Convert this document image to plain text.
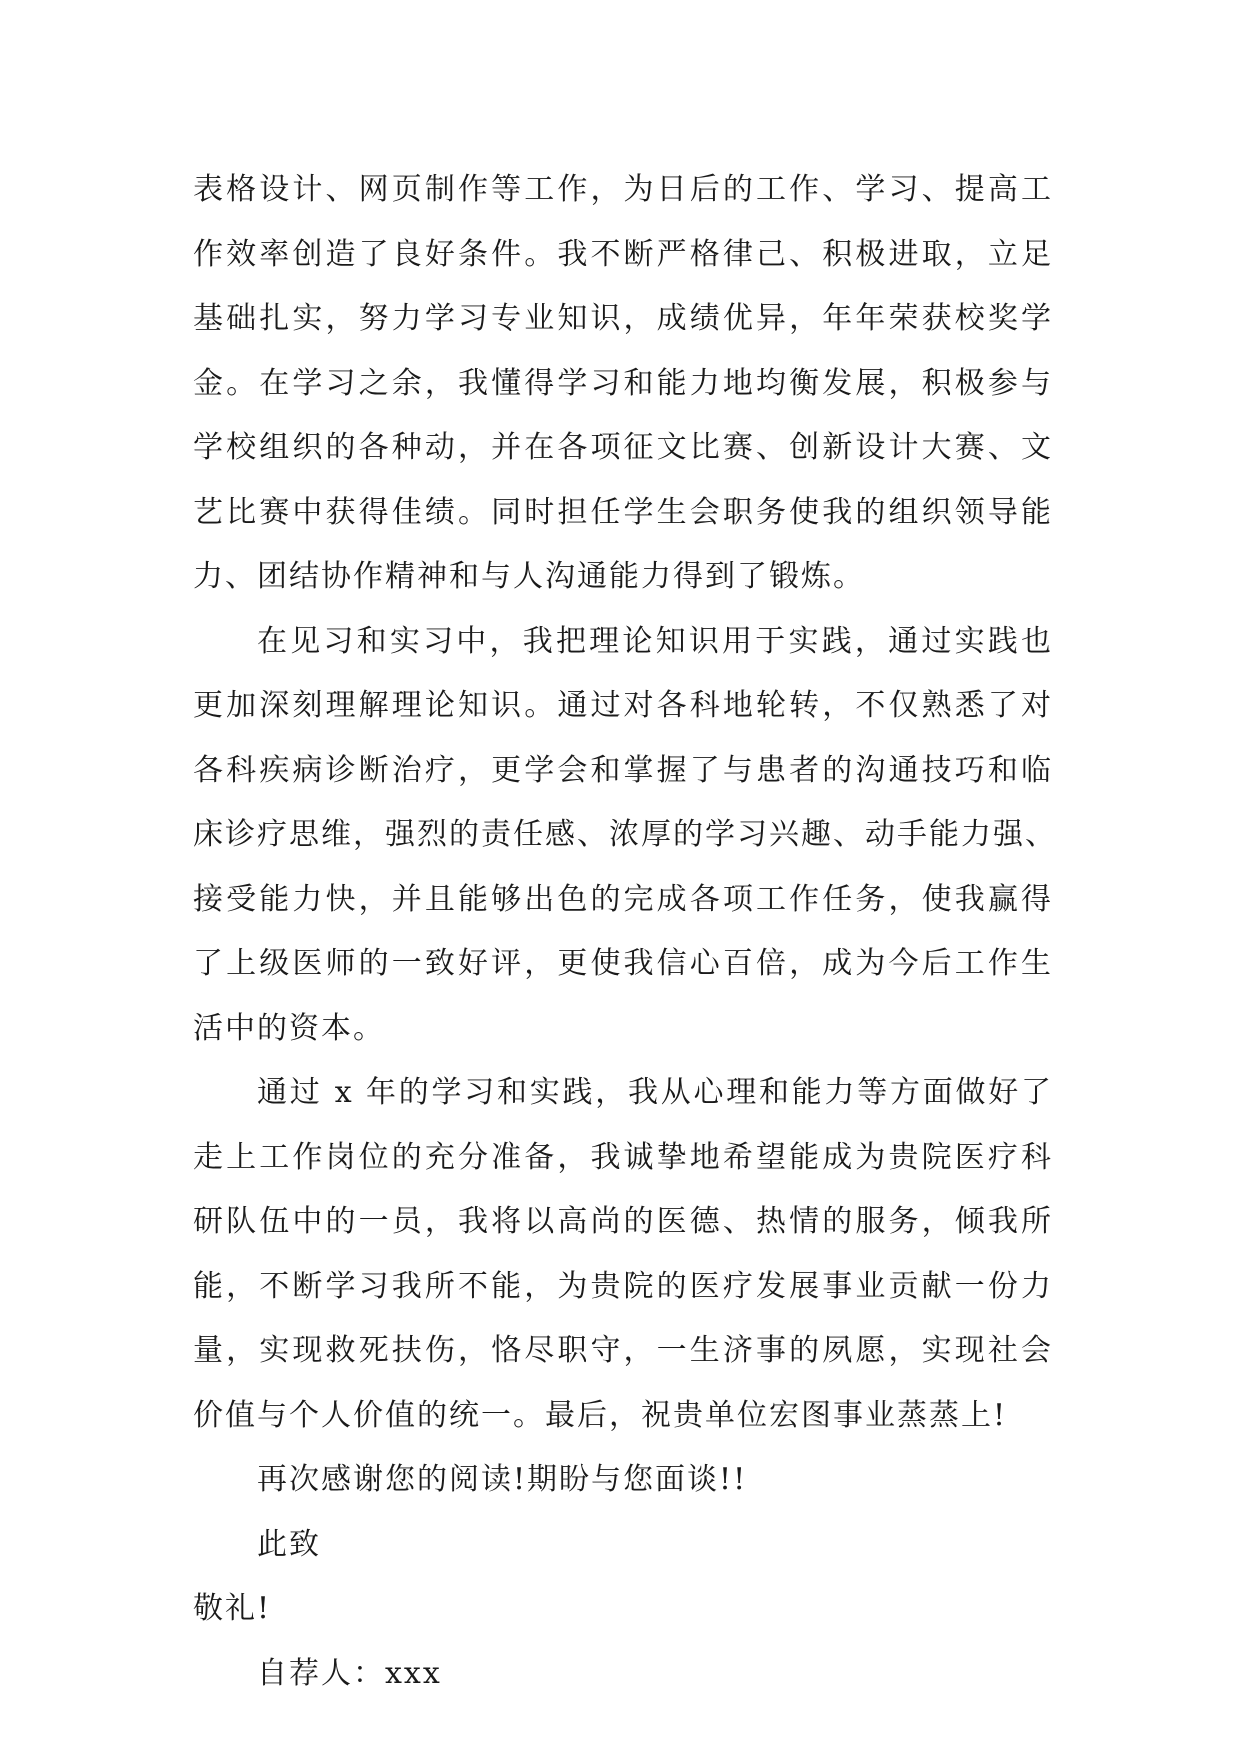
表格设计、网页制作等工作，为日后的工作、学习、提高工
作效率创造了良好条件。我不断严格律己、积极进取，立足
基础扎实，努力学习专业知识，成绩优异，年年荣获校奖学
金。在学习之余，我懂得学习和能力地均衡发展，积极参与
学校组织的各种动，并在各项征文比赛、创新设计大赛、文
艺比赛中获得佳绩。同时担任学生会职务使我的组织领导能
力、团结协作精神和与人沟通能力得到了锻炼。
在见习和实习中，我把理论知识用于实践，通过实践也
更加深刻理解理论知识。通过对各科地轮转，不仅熟悉了对
各科疾病诊断治疗，更学会和掌握了与患者的沟通技巧和临
床诊疗思维，强烈的责任感、浓厚的学习兴趣、动手能力强、
接受能力快，并且能够出色的完成各项工作任务，使我赢得
了上级医师的一致好评，更使我信心百倍，成为今后工作生
活中的资本。
通过 x 年的学习和实践，我从心理和能力等方面做好了
走上工作岗位的充分准备，我诚挚地希望能成为贵院医疗科
研队伍中的一员，我将以高尚的医德、热情的服务，倾我所
能，不断学习我所不能，为贵院的医疗发展事业贡献一份力
量，实现救死扶伤，恪尽职守，一生济事的夙愿，实现社会
价值与个人价值的统一。最后，祝贵单位宏图事业蒸蒸上!
再次感谢您的阅读!期盼与您面谈!!
此致
敬礼!
自荐人：xxx
